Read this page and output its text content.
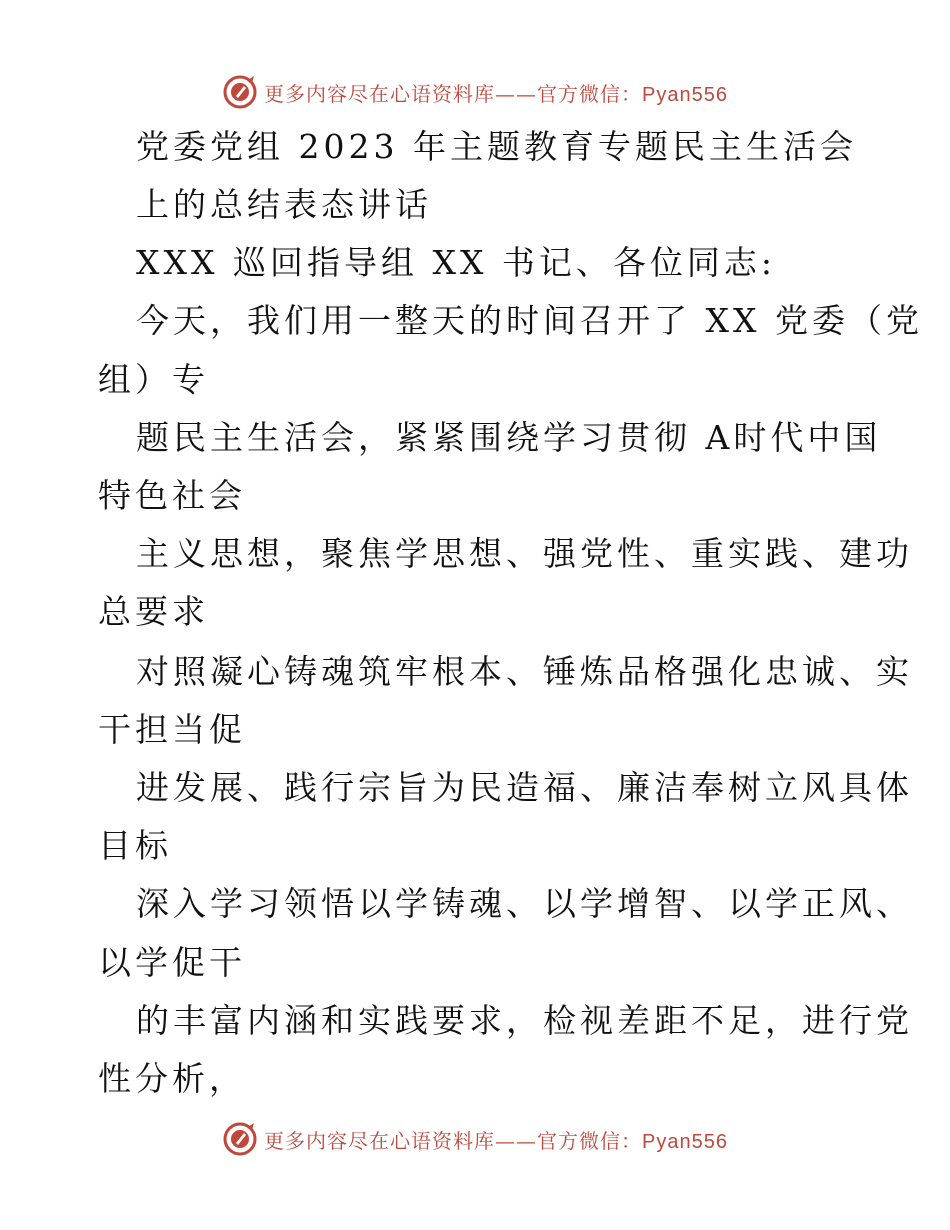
更多内容尽在心语资料库——官方微信：Pyan556
党委党组 2023 年主题教育专题民主生活会
上的总结表态讲话
XXX 巡回指导组 XX 书记、各位同志:
今天，我们用一整天的时间召开了 XX 党委（党
组）专
题民主生活会，紧紧围绕学习贯彻 A时代中国
特色社会
主义思想，聚焦学思想、强党性、重实践、建功
总要求
对照凝心铸魂筑牢根本、锤炼品格强化忠诚、实
干担当促
进发展、践行宗旨为民造福、廉洁奉树立风具体
目标
深入学习领悟以学铸魂、以学增智、以学正风、
以学促干
的丰富内涵和实践要求，检视差距不足，进行党
性分析，
更多内容尽在心语资料库——官方微信：Pyan556
